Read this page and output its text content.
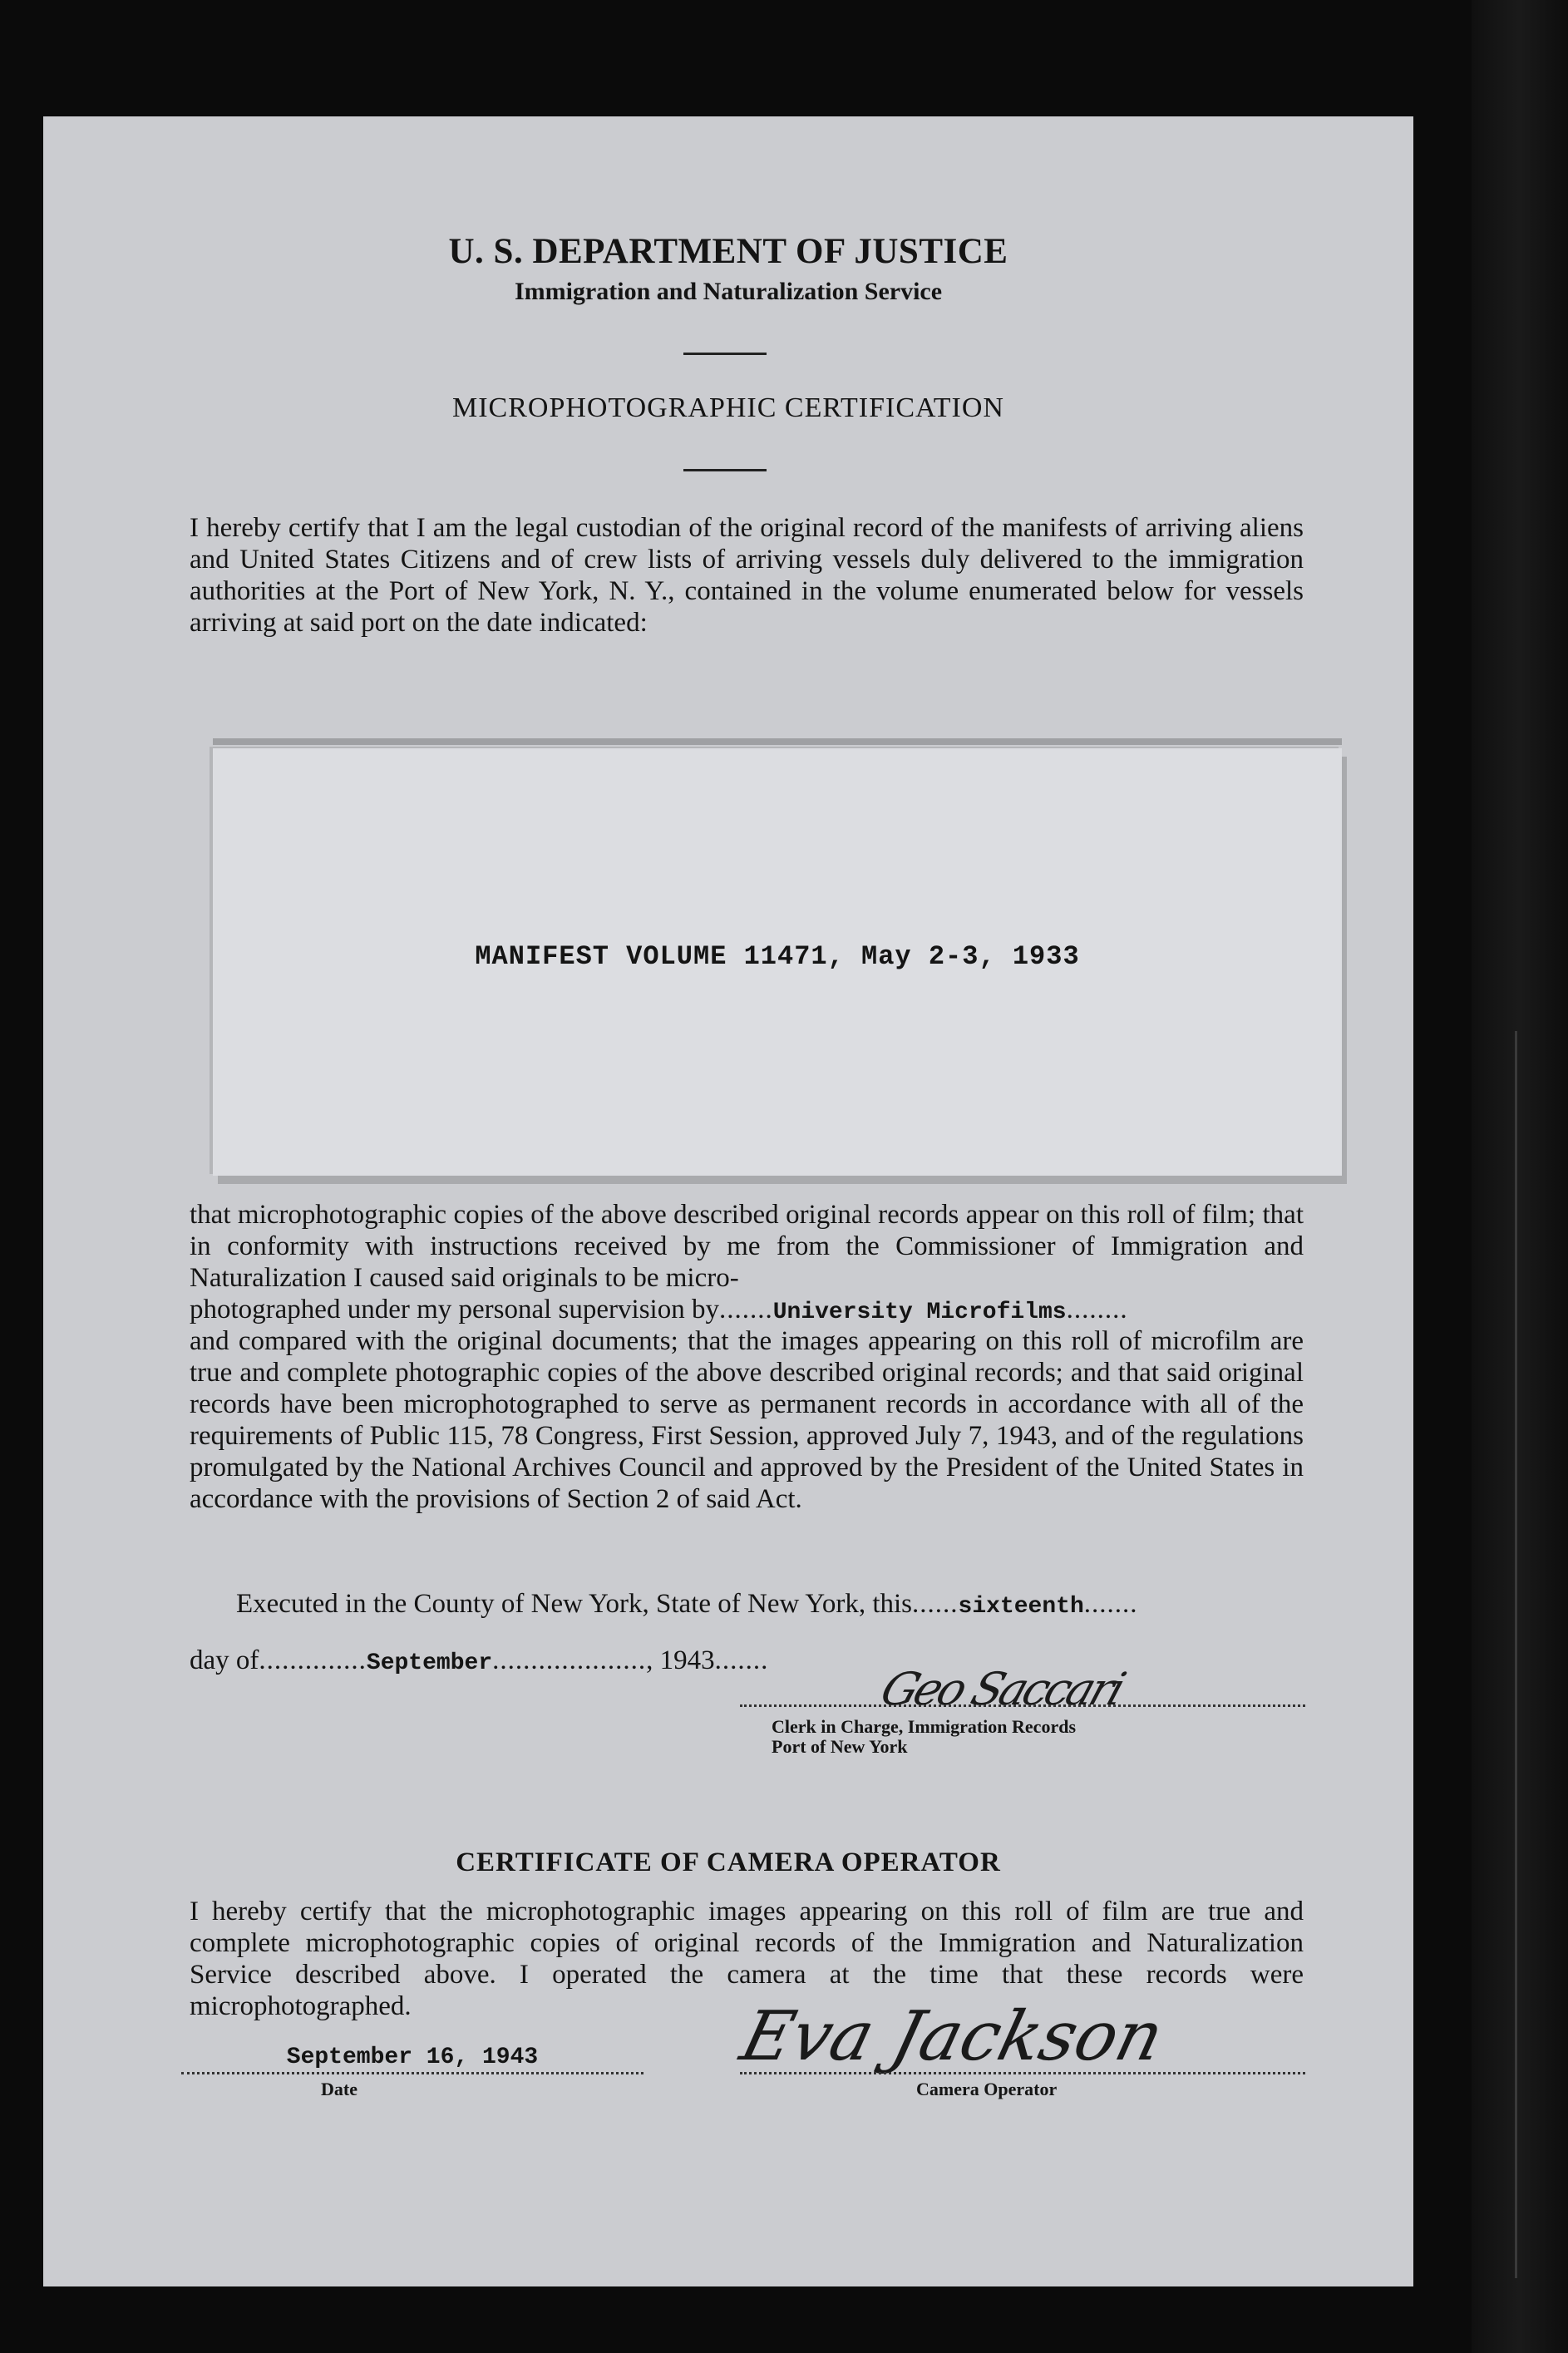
U. S. DEPARTMENT OF JUSTICE
Immigration and Naturalization Service
MICROPHOTOGRAPHIC CERTIFICATION
I hereby certify that I am the legal custodian of the original record of the manifests of arriving aliens and United States Citizens and of crew lists of arriving vessels duly delivered to the immigration authorities at the Port of New York, N. Y., contained in the volume enumerated below for vessels arriving at said port on the date indicated:
MANIFEST VOLUME 11471, May 2-3, 1933
that microphotographic copies of the above described original records appear on this roll of film; that in conformity with instructions received by me from the Commissioner of Immigration and Naturalization I caused said originals to be micro-
photographed under my personal supervision by.......University Microfilms........
and compared with the original documents; that the images appearing on this roll of microfilm are true and complete photographic copies of the above described original records; and that said original records have been microphotographed to serve as permanent records in accordance with all of the requirements of Public 115, 78 Congress, First Session, approved July 7, 1943, and of the regulations promulgated by the National Archives Council and approved by the President of the United States in accordance with the provisions of Section 2 of said Act.
Executed in the County of New York, State of New York, this......sixteenth.......
day of..............September...................., 1943.......
Geo Saccari
Clerk in Charge, Immigration Records
Port of New York
CERTIFICATE OF CAMERA OPERATOR
I hereby certify that the microphotographic images appearing on this roll of film are true and complete microphotographic copies of original records of the Immigration and Naturalization Service described above. I operated the camera at the time that these records were microphotographed.
September 16, 1943
Date
Eva Jackson
Camera Operator
